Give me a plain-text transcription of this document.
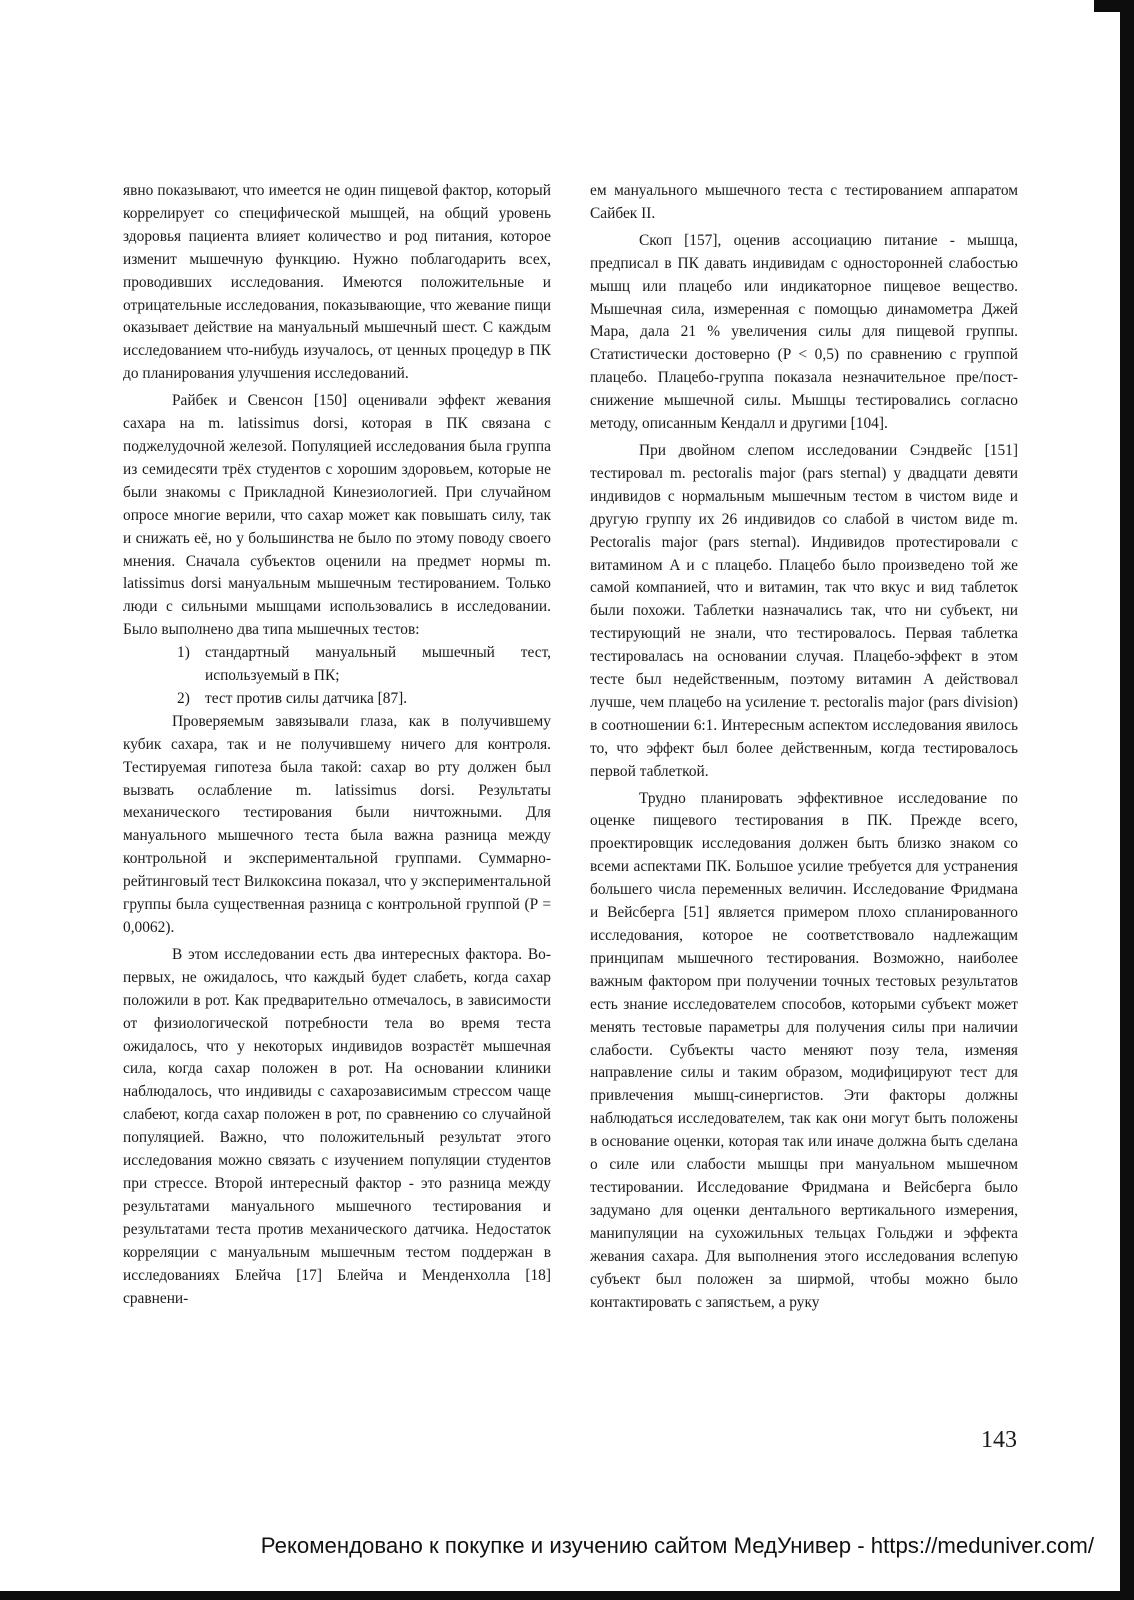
явно показывают, что имеется не один пищевой фактор, который коррелирует со специфической мышцей, на общий уровень здоровья пациента влияет количество и род питания, которое изменит мышечную функцию. Нужно поблагодарить всех, проводивших исследования. Имеются положительные и отрицательные исследования, показывающие, что жевание пищи оказывает действие на мануальный мышечный шест. С каждым исследованием что-нибудь изучалось, от ценных процедур в ПК до планирования улучшения исследований.

Райбек и Свенсон [150] оценивали эффект жевания сахара на m. latissimus dorsi, которая в ПК связана с поджелудочной железой. Популяцией исследования была группа из семидесяти трёх студентов с хорошим здоровьем, которые не были знакомы с Прикладной Кинезиологией. При случайном опросе многие верили, что сахар может как повышать силу, так и снижать её, но у большинства не было по этому поводу своего мнения. Сначала субъектов оценили на предмет нормы m. latissimus dorsi мануальным мышечным тестированием. Только люди с сильными мышцами использовались в исследовании. Было выполнено два типа мышечных тестов:

1) стандартный мануальный мышечный тест, используемый в ПК;
2) тест против силы датчика [87].

Проверяемым завязывали глаза, как в получившему кубик сахара, так и не получившему ничего для контроля. Тестируемая гипотеза была такой: сахар во рту должен был вызвать ослабление m. latissimus dorsi. Результаты механического тестирования были ничтожными. Для мануального мышечного теста была важна разница между контрольной и экспериментальной группами. Суммарно-рейтинговый тест Вилкоксина показал, что у экспериментальной группы была существенная разница с контрольной группой (P = 0,0062).

В этом исследовании есть два интересных фактора. Во-первых, не ожидалось, что каждый будет слабеть, когда сахар положили в рот. Как предварительно отмечалось, в зависимости от физиологической потребности тела во время теста ожидалось, что у некоторых индивидов возрастёт мышечная сила, когда сахар положен в рот. На основании клиники наблюдалось, что индивиды с сахарозависимым стрессом чаще слабеют, когда сахар положен в рот, по сравнению со случайной популяцией. Важно, что положительный результат этого исследования можно связать с изучением популяции студентов при стрессе. Второй интересный фактор - это разница между результатами мануального мышечного тестирования и результатами теста против механического датчика. Недостаток корреляции с мануальным мышечным тестом поддержан в исследованиях Блейча [17] Блейча и Менденхолла [18] сравнени-

ем мануального мышечного теста с тестированием аппаратом Сайбек II.

Скоп [157], оценив ассоциацию питание - мышца, предписал в ПК давать индивидам с односторонней слабостью мышц или плацебо или индикаторное пищевое вещество. Мышечная сила, измеренная с помощью динамометра Джей Мара, дала 21 % увеличения силы для пищевой группы. Статистически достоверно (P < 0,5) по сравнению с группой плацебо. Плацебо-группа показала незначительное пре/пост-снижение мышечной силы. Мышцы тестировались согласно методу, описанным Кендалл и другими [104].

При двойном слепом исследовании Сэндвейс [151] тестировал m. pectoralis major (pars sternal) у двадцати девяти индивидов с нормальным мышечным тестом в чистом виде и другую группу их 26 индивидов со слабой в чистом виде m. Pectoralis major (pars sternal). Индивидов протестировали с витамином A и с плацебо. Плацебо было произведено той же самой компанией, что и витамин, так что вкус и вид таблеток были похожи. Таблетки назначались так, что ни субъект, ни тестирующий не знали, что тестировалось. Первая таблетка тестировалась на основании случая. Плацебо-эффект в этом тесте был недейственным, поэтому витамин A действовал лучше, чем плацебо на усиление т. pectoralis major (pars division) в соотношении 6:1. Интересным аспектом исследования явилось то, что эффект был более действенным, когда тестировалось первой таблеткой.

Трудно планировать эффективное исследование по оценке пищевого тестирования в ПК. Прежде всего, проектировщик исследования должен быть близко знаком со всеми аспектами ПК. Большое усилие требуется для устранения большего числа переменных величин. Исследование Фридмана и Вейсберга [51] является примером плохо спланированного исследования, которое не соответствовало надлежащим принципам мышечного тестирования. Возможно, наиболее важным фактором при получении точных тестовых результатов есть знание исследователем способов, которыми субъект может менять тестовые параметры для получения силы при наличии слабости. Субъекты часто меняют позу тела, изменяя направление силы и таким образом, модифицируют тест для привлечения мышц-синергистов. Эти факторы должны наблюдаться исследователем, так как они могут быть положены в основание оценки, которая так или иначе должна быть сделана о силе или слабости мышцы при мануальном мышечном тестировании. Исследование Фридмана и Вейсберга было задумано для оценки дентального вертикального измерения, манипуляции на сухожильных тельцах Гольджи и эффекта жевания сахара. Для выполнения этого исследования вслепую субъект был положен за ширмой, чтобы можно было контактировать с запястьем, а руку

143
Рекомендовано к покупке и изучению сайтом МедУнивер - https://meduniver.com/
